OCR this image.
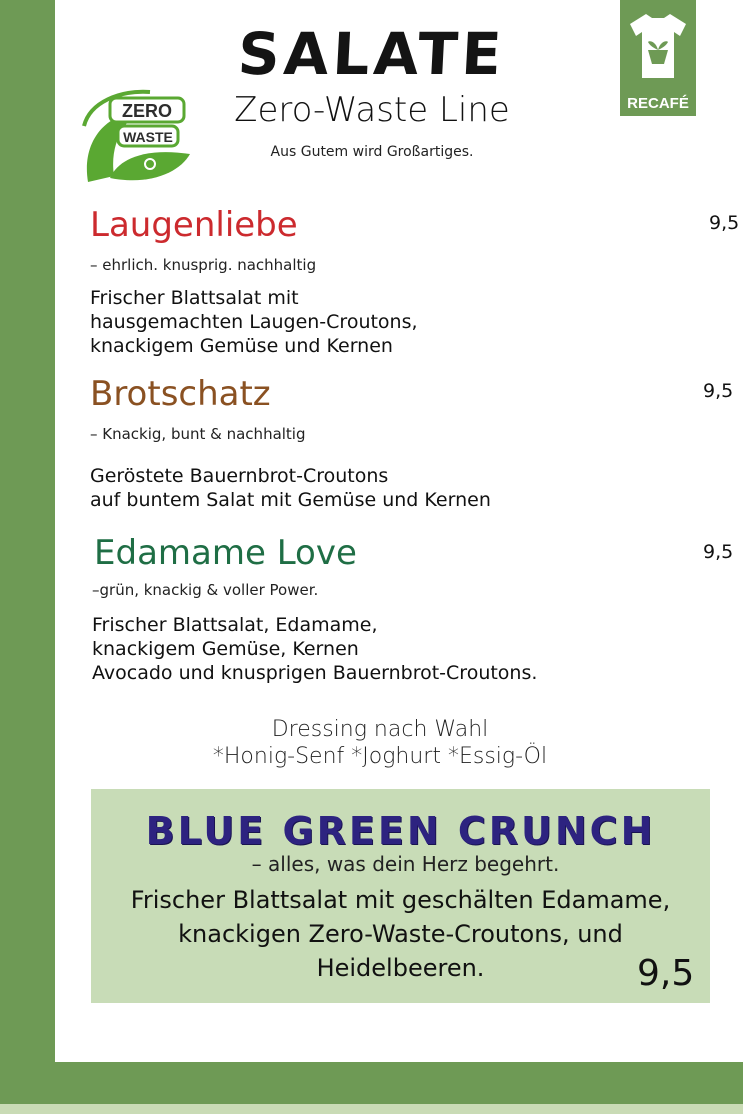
ZERO
WASTE
RECAFÉ
SALATE
Zero-Waste Line
Aus Gutem wird Großartiges.
Laugenliebe
– ehrlich. knusprig. nachhaltig
Frischer Blattsalat mit
hausgemachten Laugen-Croutons,
knackigem Gemüse und Kernen
9,5
Brotschatz
– Knackig, bunt & nachhaltig
Geröstete Bauernbrot-Croutons
auf buntem Salat mit Gemüse und Kernen
9,5
Edamame Love
–grün, knackig & voller Power.
Frischer Blattsalat, Edamame,
knackigem Gemüse, Kernen
Avocado und knusprigen Bauernbrot-Croutons.
9,5
Dressing nach Wahl
*Honig-Senf *Joghurt *Essig-Öl
BLUE GREEN CRUNCH
– alles, was dein Herz begehrt.
Frischer Blattsalat mit geschälten Edamame,
knackigen Zero-Waste-Croutons, und
Heidelbeeren.	9,5
